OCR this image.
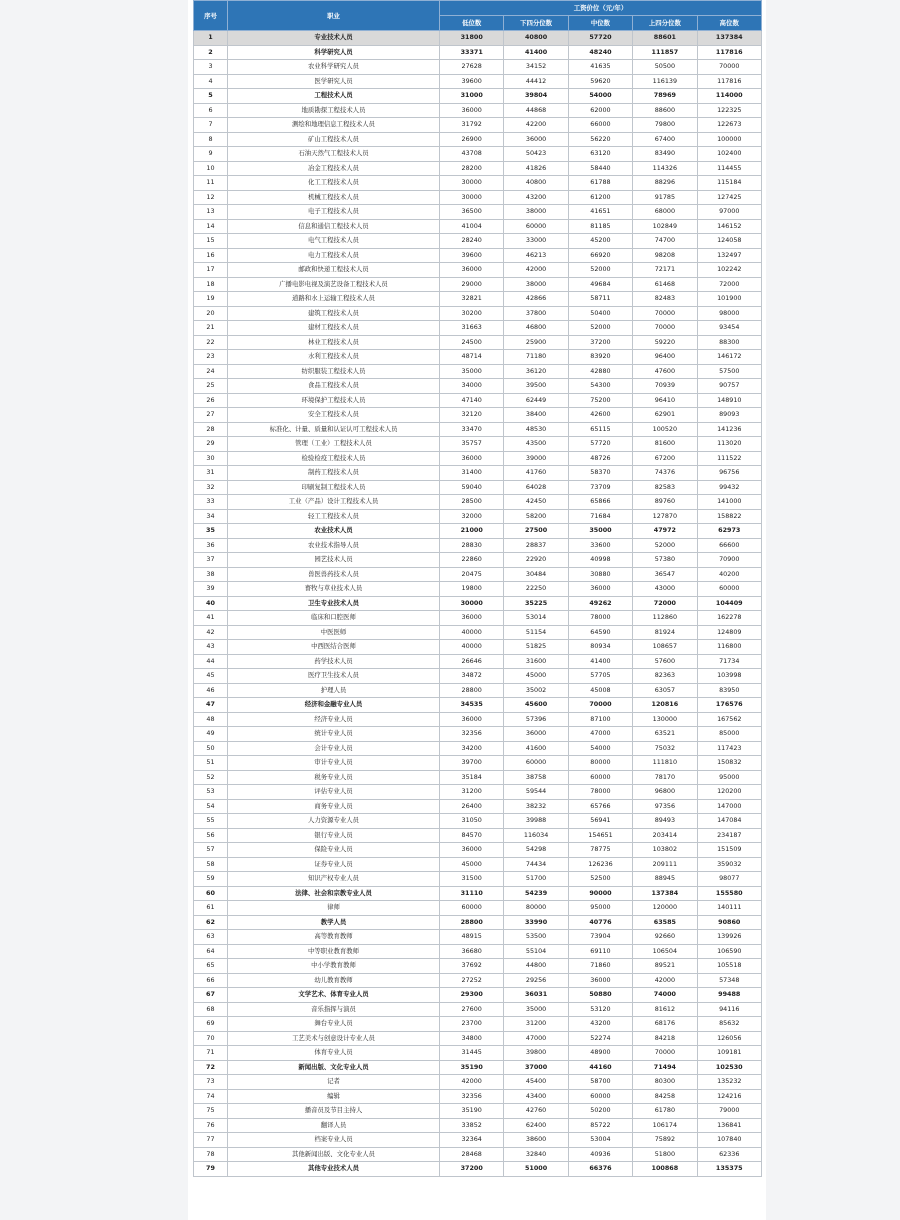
序号	职业	工资价位（元/年）				
		低位数	下四分位数	中位数	上四分位数	高位数
1	专业技术人员	31800	40800	57720	88601	137384
2	科学研究人员	33371	41400	48240	111857	117816
3	农业科学研究人员	27628	34152	41635	50500	70000
4	医学研究人员	39600	44412	59620	116139	117816
5	工程技术人员	31000	39804	54000	78969	114000
6	地质勘探工程技术人员	36000	44868	62000	88600	122325
7	测绘和地理信息工程技术人员	31792	42200	66000	79800	122673
8	矿山工程技术人员	26900	36000	56220	67400	100000
9	石油天然气工程技术人员	43708	50423	63120	83490	102400
10	冶金工程技术人员	28200	41826	58440	114326	114455
11	化工工程技术人员	30000	40800	61788	88296	115184
12	机械工程技术人员	30000	43200	61200	91785	127425
13	电子工程技术人员	36500	38000	41651	68000	97000
14	信息和通信工程技术人员	41004	60000	81185	102849	146152
15	电气工程技术人员	28240	33000	45200	74700	124058
16	电力工程技术人员	39600	46213	66920	98208	132497
17	邮政和快递工程技术人员	36000	42000	52000	72171	102242
18	广播电影电视及演艺设备工程技术人员	29000	38000	49684	61468	72000
19	道路和水上运输工程技术人员	32821	42866	58711	82483	101900
20	建筑工程技术人员	30200	37800	50400	70000	98000
21	建材工程技术人员	31663	46800	52000	70000	93454
22	林业工程技术人员	24500	25900	37200	59220	88300
23	水利工程技术人员	48714	71180	83920	96400	146172
24	纺织服装工程技术人员	35000	36120	42880	47600	57500
25	食品工程技术人员	34000	39500	54300	70939	90757
26	环境保护工程技术人员	47140	62449	75200	96410	148910
27	安全工程技术人员	32120	38400	42600	62901	89093
28	标准化、计量、质量和认证认可工程技术人员	33470	48530	65115	100520	141236
29	管理（工业）工程技术人员	35757	43500	57720	81600	113020
30	检验检疫工程技术人员	36000	39000	48726	67200	111522
31	制药工程技术人员	31400	41760	58370	74376	96756
32	印刷复制工程技术人员	59040	64028	73709	82583	99432
33	工业（产品）设计工程技术人员	28500	42450	65866	89760	141000
34	轻工工程技术人员	32000	58200	71684	127870	158822
35	农业技术人员	21000	27500	35000	47972	62973
36	农业技术指导人员	28830	28837	33600	52000	66600
37	园艺技术人员	22860	22920	40998	57380	70900
38	兽医兽药技术人员	20475	30484	30880	36547	40200
39	畜牧与草业技术人员	19800	22250	36000	43000	60000
40	卫生专业技术人员	30000	35225	49262	72000	104409
41	临床和口腔医师	36000	53014	78000	112860	162278
42	中医医师	40000	51154	64590	81924	124809
43	中西医结合医师	40000	51825	80934	108657	116800
44	药学技术人员	26646	31600	41400	57600	71734
45	医疗卫生技术人员	34872	45000	57705	82363	103998
46	护理人员	28800	35002	45008	63057	83950
47	经济和金融专业人员	34535	45600	70000	120816	176576
48	经济专业人员	36000	57396	87100	130000	167562
49	统计专业人员	32356	36000	47000	63521	85000
50	会计专业人员	34200	41600	54000	75032	117423
51	审计专业人员	39700	60000	80000	111810	150832
52	税务专业人员	35184	38758	60000	78170	95000
53	评估专业人员	31200	59544	78000	96800	120200
54	商务专业人员	26400	38232	65766	97356	147000
55	人力资源专业人员	31050	39988	56941	89493	147084
56	银行专业人员	84570	116034	154651	203414	234187
57	保险专业人员	36000	54298	78775	103802	151509
58	证券专业人员	45000	74434	126236	209111	359032
59	知识产权专业人员	31500	51700	52500	88945	98077
60	法律、社会和宗教专业人员	31110	54239	90000	137384	155580
61	律师	60000	80000	95000	120000	140111
62	教学人员	28800	33990	40776	63585	90860
63	高等教育教师	48915	53500	73904	92660	139926
64	中等职业教育教师	36680	55104	69110	106504	106590
65	中小学教育教师	37692	44800	71860	89521	105518
66	幼儿教育教师	27252	29256	36000	42000	57348
67	文学艺术、体育专业人员	29300	36031	50880	74000	99488
68	音乐指挥与演员	27600	35000	53120	81612	94116
69	舞台专业人员	23700	31200	43200	68176	85632
70	工艺美术与创意设计专业人员	34800	47000	52274	84218	126056
71	体育专业人员	31445	39800	48900	70000	109181
72	新闻出版、文化专业人员	35190	37000	44160	71494	102530
73	记者	42000	45400	58700	80300	135232
74	编辑	32356	43400	60000	84258	124216
75	播音员及节目主持人	35190	42760	50200	61780	79000
76	翻译人员	33852	62400	85722	106174	136841
77	档案专业人员	32364	38600	53004	75892	107840
78	其他新闻出版、文化专业人员	28468	32840	40936	51800	62336
79	其他专业技术人员	37200	51000	66376	100868	135375
